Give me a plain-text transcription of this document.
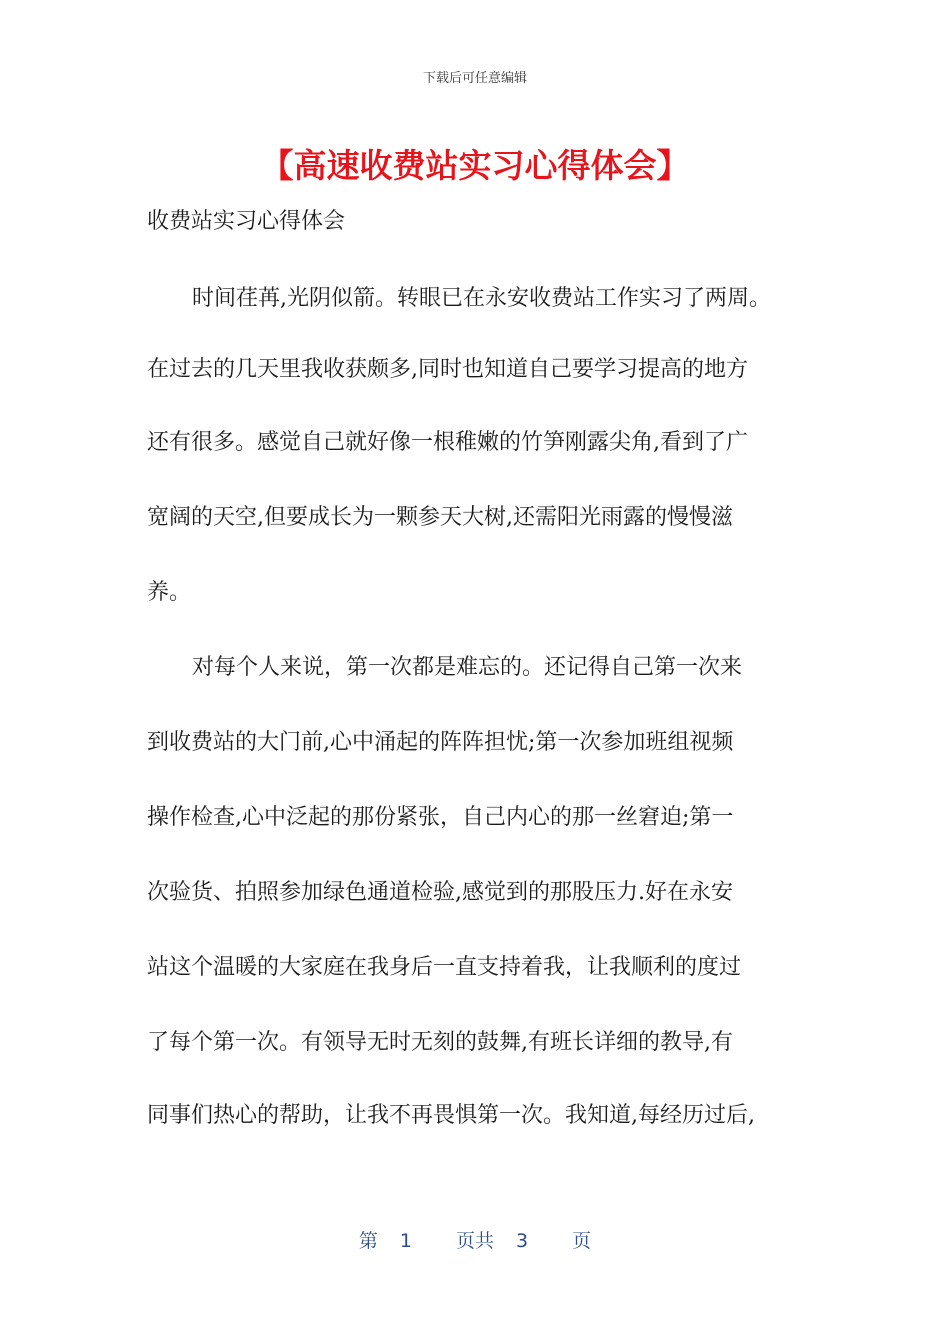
下载后可任意编辑
【高速收费站实习心得体会】

收费站实习心得体会

时间荏苒,光阴似箭。转眼已在永安收费站工作实习了两周。

在过去的几天里我收获颇多,同时也知道自己要学习提高的地方

还有很多。感觉自己就好像一根稚嫩的竹笋刚露尖角,看到了广

宽阔的天空,但要成长为一颗参天大树,还需阳光雨露的慢慢滋

养。

对每个人来说，第一次都是难忘的。还记得自己第一次来

到收费站的大门前,心中涌起的阵阵担忧;第一次参加班组视频

操作检查,心中泛起的那份紧张，自己内心的那一丝窘迫;第一

次验货、拍照参加绿色通道检验,感觉到的那股压力.好在永安

站这个温暖的大家庭在我身后一直支持着我，让我顺利的度过

了每个第一次。有领导无时无刻的鼓舞,有班长详细的教导,有

同事们热心的帮助，让我不再畏惧第一次。我知道,每经历过后,

第 1 页共 3 页
